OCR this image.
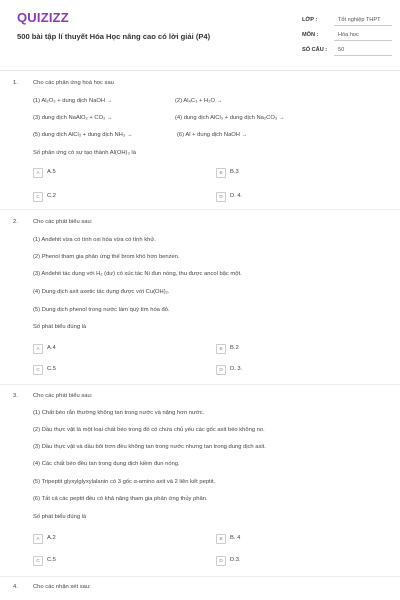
QUIZIZZ
500 bài tập lí thuyết Hóa Học nâng cao có lời giải (P4)
LỚP :	Tốt nghiệp THPT
MÔN :	Hóa học
SỐ CÂU : 50
1.	Cho các phản ứng hoá học sau
(1) Al₂O₃ + dung dịch NaOH →	(2) Al₄C₃ + H₂O →
(3) dung dịch NaAlO₂ + CO₂ →	(4) dung dịch AlCl₃ + dung dịch Na₂CO₃ →
(5) dung dịch AlCl₃ + dung dịch NH₃ →	(6) Al + dung dịch NaOH →
Số phản ứng có sự tạo thành Al(OH)₃ là
A	A.5	B	B.3
C	C.2	D	D. 4.
2.	Cho các phát biểu sau:
(1) Anđehit vừa có tính oxi hóa vừa có tính khử.
(2) Phenol tham gia phản ứng thế brom khó hơn benzen.
(3) Anđehit tác dụng với H₂ (dư) có xúc tác Ni đun nóng, thu được ancol bậc một.
(4) Dung dịch axit axetic tác dụng được với Cu(OH)₂.
(5) Dung dịch phenol trong nước làm quỳ tím hóa đỏ.
Số phát biểu đúng là
A	A.4	B	B.2
C	C.5	D	D. 3.
3.	Cho các phát biểu sau:
(1) Chất béo rắn thường không tan trong nước và nặng hơn nước.
(2) Dầu thực vật là một loại chất béo trong đó có chứa chủ yếu các gốc axit béo không no.
(3) Dầu thực vật và dầu bôi trơn đều không tan trong nước nhưng tan trong dung dịch axit.
(4) Các chất béo đều tan trong dung dịch kiềm đun nóng.
(5) Tripeptit glyxylglyxylalanin có 3 gốc α-amino axit và 2 liên kết peptit.
(6) Tất cả các peptit đều có khả năng tham gia phản ứng thủy phân.
Số phát biểu đúng là
A	A.2	B	B. 4
C	C.5	D	D.3.
4.	Cho các nhận xét sau:
